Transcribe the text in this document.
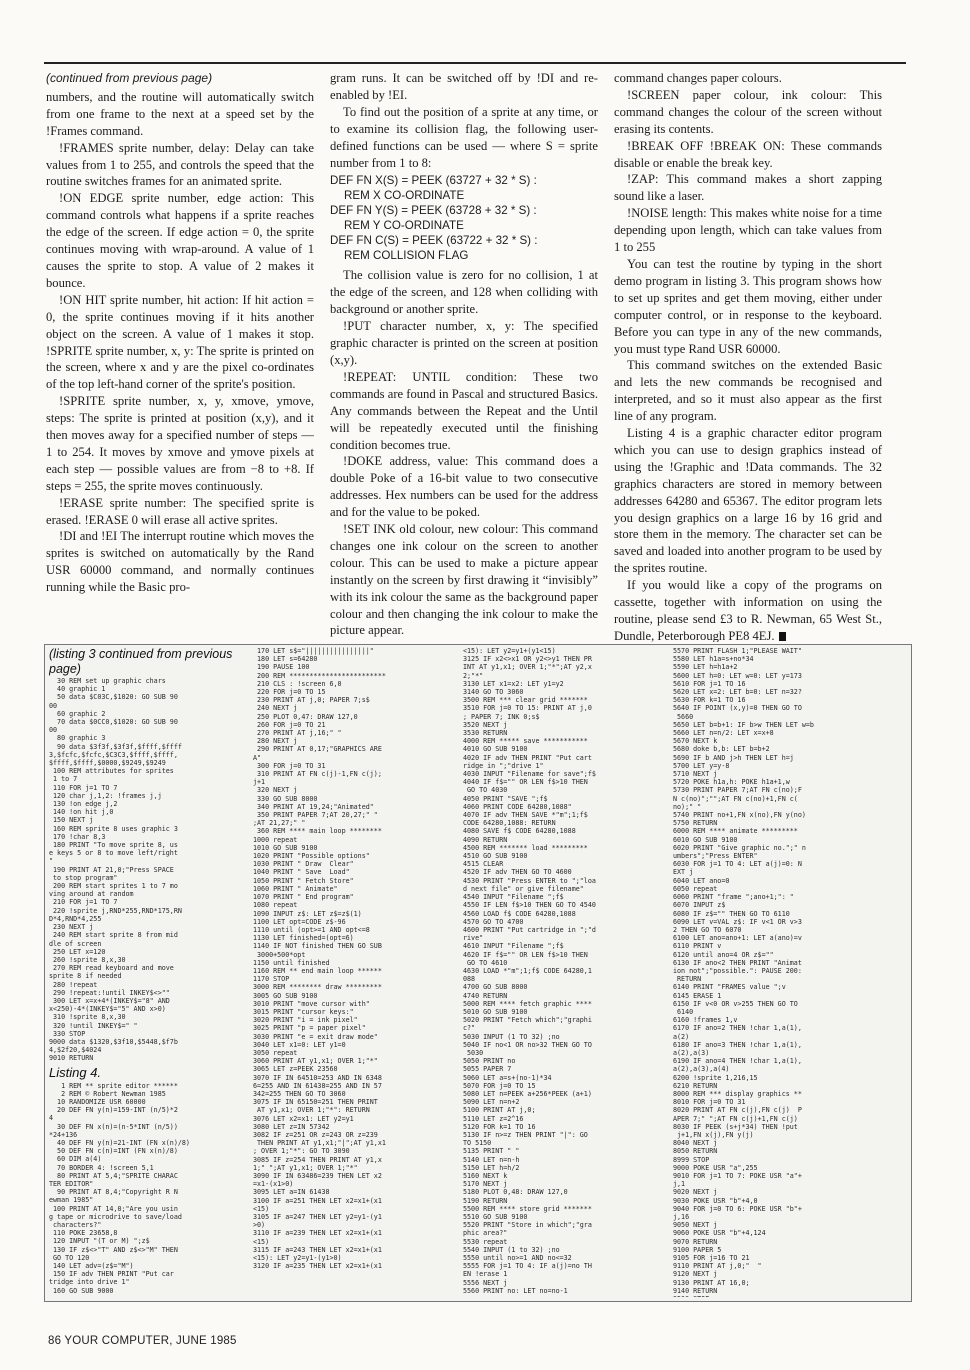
(continued from previous page)

numbers, and the routine will automatically switch from one frame to the next at a speed set by the !Frames command.

!FRAMES sprite number, delay: Delay can take values from 1 to 255, and controls the speed that the routine switches frames for an animated sprite.

!ON EDGE sprite number, edge action: This command controls what happens if a sprite reaches the edge of the screen. If edge action = 0, the sprite continues moving with wrap-around. A value of 1 causes the sprite to stop. A value of 2 makes it bounce.

!ON HIT sprite number, hit action: If hit action = 0, the sprite continues moving if it hits another object on the screen. A value of 1 makes it stop. !SPRITE sprite number, x, y: The sprite is printed on the screen, where x and y are the pixel co-ordinates of the top left-hand corner of the sprite's position.

!SPRITE sprite number, x, y, xmove, ymove, steps: The sprite is printed at position (x,y), and it then moves away for a specified number of steps — 1 to 254. It moves by xmove and ymove pixels at each step — possible values are from −8 to +8. If steps = 255, the sprite moves continuously.

!ERASE sprite number: The specified sprite is erased. !ERASE 0 will erase all active sprites.

!DI and !EI The interrupt routine which moves the sprites is switched on automatically by the Rand USR 60000 command, and normally continues running while the Basic pro-

gram runs. It can be switched off by !DI and re-enabled by !EI.

To find out the position of a sprite at any time, or to examine its collision flag, the following user-defined functions can be used — where S = sprite number from 1 to 8:

DEF FN X(S) = PEEK (63727 + 32 * S) :
REM X CO-ORDINATE
DEF FN Y(S) = PEEK (63728 + 32 * S) :
REM Y CO-ORDINATE
DEF FN C(S) = PEEK (63722 + 32 * S) :
REM COLLISION FLAG

The collision value is zero for no collision, 1 at the edge of the screen, and 128 when colliding with background or another sprite.

!PUT character number, x, y: The specified graphic character is printed on the screen at position (x,y).

!REPEAT: UNTIL condition: These two commands are found in Pascal and structured Basics. Any commands between the Repeat and the Until will be repeatedly executed until the finishing condition becomes true.

!DOKE address, value: This command does a double Poke of a 16-bit value to two consecutive addresses. Hex numbers can be used for the address and for the value to be poked.

!SET INK old colour, new colour: This command changes one ink colour on the screen to another colour. This can be used to make a picture appear instantly on the screen by first drawing it “invisibly” with its ink colour the same as the background paper colour and then changing the ink colour to make the picture appear.

command changes paper colours.

!SCREEN paper colour, ink colour: This command changes the colour of the screen without erasing its contents.

!BREAK OFF !BREAK ON: These commands disable or enable the break key.

!ZAP: This command makes a short zapping sound like a laser.

!NOISE length: This makes white noise for a time depending upon length, which can take values from 1 to 255

You can test the routine by typing in the short demo program in listing 3. This program shows how to set up sprites and get them moving, either under computer control, or in response to the keyboard. Before you can type in any of the new commands, you must type Rand USR 60000.

This command switches on the extended Basic and lets the new commands be recognised and interpreted, and so it must also appear as the first line of any program.

Listing 4 is a graphic character editor program which you can use to design graphics instead of using the !Graphic and !Data commands. The 32 graphics characters are stored in memory between addresses 64280 and 65367. The editor program lets you design graphics on a large 16 by 16 grid and store them in the memory. The character set can be saved and loaded into another program to be used by the sprites routine.

If you would like a copy of the programs on cassette, together with information on using the routine, please send £3 to R. Newman, 65 West St., Dundle, Peterborough PE8 4EJ.

(listing 3 continued from previous page)
30 REM set up graphic chars
40 graphic 1
50 data $C03C,$1020: GO SUB 90
00
60 graphic 2
70 data $0CC0,$1020: GO SUB 90
00
80 graphic 3
90 data $3f3f,$3f3f,$ffff,$ffff
3,$fcfc,$fcfc,$C3C3,$ffff,$ffff,
$ffff,$ffff,$0000,$9249,$9249
100 REM attributes for sprites
1 to 7
110 FOR j=1 TO 7
120 char j,1,2: !frames j,j
130 !on edge j,2
140 !on hit j,0
150 NEXT j
160 REM sprite 8 uses graphic 3
170 !char 8,3
180 PRINT "To move sprite 8, us
e keys 5 or 8 to move left/right
"
190 PRINT AT 21,0;"Press SPACE
to stop program"
200 REM start sprites 1 to 7 mo
ving around at random
210 FOR j=1 TO 7
220 !sprite j,RND*255,RND*175,RN
D*4,RND*4,255
230 NEXT j
240 REM start sprite 8 from mid
dle of screen
250 LET x=120
260 !sprite 8,x,30
270 REM read keyboard and move
sprite 8 if needed
280 !repeat
290 !repeat:!until INKEY$<>""
300 LET x=x+4*(INKEY$="8" AND
x<250)-4*(INKEY$="5" AND x>0)
310 !sprite 8,x,30
320 !until INKEY$=" "
330 STOP
9000 data $1320,$3f10,$5448,$f7b
4,$2f20,$4024
9010 RETURN
Listing 4.
1 REM ** sprite editor ******
2 REM © Robert Newman 1985
10 RANDOMIZE USR 60000
20 DEF FN y(n)=159-INT (n/5)*2
4
30 DEF FN x(n)=(n-5*INT (n/5))
*24+136
40 DEF FN y(n)=21-INT (FN x(n)/8)
50 DEF FN c(n)=INT (FN x(n)/8)
60 DIM a(4)
70 BORDER 4: !screen 5,1
80 PRINT AT 5,4;"SPRITE CHARAC
TER EDITOR"
90 PRINT AT 8,4;"Copyright R N
ewman 1985"
100 PRINT AT 14,0;"Are you usin
g tape or microdrive to save/load
characters?"
110 POKE 23658,8
120 INPUT "(T or M) ";z$
130 IF z$<>"T" AND z$<>"M" THEN
GO TO 120
140 LET adv=(z$="M")
150 IF adv THEN PRINT "Put car
tridge into drive 1"
160 GO SUB 9000
170 LET s$="||||||||||||||||"
180 LET s=64280
190 PAUSE 100
200 REM ************************
210 CLS : !screen 6,0
220 FOR j=0 TO 15
230 PRINT AT j,0; PAPER 7;s$
240 NEXT j
250 PLOT 0,47: DRAW 127,0
260 FOR j=0 TO 21
270 PRINT AT j,16;" "
280 NEXT j
290 PRINT AT 0,17;"GRAPHICS ARE
A"
300 FOR j=0 TO 31
310 PRINT AT FN c(j)-1,FN c(j);
j+1
320 NEXT j
330 GO SUB 8000
340 PRINT AT 19,24;"Animated"
350 PRINT PAPER 7;AT 20,27;" "
;AT 21,27;" "
360 REM **** main loop ********
1000 repeat
1010 GO SUB 9100
1020 PRINT "Possible options"
1030 PRINT " Draw  Clear"
1040 PRINT " Save  Load"
1050 PRINT " Fetch Store"
1060 PRINT " Animate"
1070 PRINT " End program"
1080 repeat
1090 INPUT z$: LET z$=z$(1)
1100 LET opt=CODE z$-96
1110 until (opt>=1 AND opt<=8
1130 LET finished=(opt=6)
1140 IF NOT finished THEN GO SUB
3000+500*opt
1150 until finished
1160 REM ** end main loop ******
1170 STOP
3000 REM ******** draw *********
3005 GO SUB 9100
3010 PRINT "move cursor with"
3015 PRINT "cursor keys:"
3020 PRINT "i = ink pixel"
3025 PRINT "p = paper pixel"
3030 PRINT "e = exit draw mode"
3040 LET x1=0: LET y1=0
3050 repeat
3060 PRINT AT y1,x1; OVER 1;"*"
3065 LET z=PEEK 23560
3070 IF IN 64510=253 AND IN 6348
6=255 AND IN 61438=255 AND IN 57
342=255 THEN GO TO 3060
3075 IF IN 65150=251 THEN PRINT
AT y1,x1; OVER 1;"*": RETURN
3076 LET x2=x1: LET y2=y1
3080 LET z=IN 57342
3082 IF z=251 OR z=243 OR z=239
THEN PRINT AT y1,x1;"|";AT y1,x1
; OVER 1;"*": GO TO 3090
3085 IF z=254 THEN PRINT AT y1,x
1;" ";AT y1,x1; OVER 1;"*"
3090 IF IN 63486=239 THEN LET x2
=x1-(x1>0)
3095 LET a=IN 61438
3100 IF a=251 THEN LET x2=x1+(x1
<15)
3105 IF a=247 THEN LET y2=y1-(y1
>0)
3110 IF a=239 THEN LET x2=x1+(x1
<15)
3115 IF a=243 THEN LET x2=x1+(x1
<15): LET y2=y1-(y1>0)
3120 IF a=235 THEN LET x2=x1+(x1
<15): LET y2=y1+(y1<15)
3125 IF x2<>x1 OR y2<>y1 THEN PR
INT AT y1,x1; OVER 1;"*";AT y2,x
2;"*"
3130 LET x1=x2: LET y1=y2
3140 GO TO 3060
3500 REM *** clear grid *******
3510 FOR j=0 TO 15: PRINT AT j,0
; PAPER 7; INK 0;s$
3520 NEXT j
3530 RETURN
4000 REM ***** save ***********
4010 GO SUB 9100
4020 IF adv THEN PRINT "Put cart
ridge in ";"drive 1"
4030 INPUT "Filename for save";f$
4040 IF f$="" OR LEN f$>10 THEN
GO TO 4030
4050 PRINT "SAVE ";f$
4060 PRINT CODE 64280,1088"
4070 IF adv THEN SAVE *"m";1;f$
CODE 64280,1088: RETURN
4080 SAVE f$ CODE 64280,1088
4090 RETURN
4500 REM ******* load *********
4510 GO SUB 9100
4515 CLEAR
4520 IF adv THEN GO TO 4600
4530 PRINT "Press ENTER to ";"loa
d next file" or give filename"
4540 INPUT "Filename ";f$
4550 IF LEN f$>10 THEN GO TO 4540
4560 LOAD f$ CODE 64280,1088
4570 GO TO 4700
4600 PRINT "Put cartridge in ";"d
rive"
4610 INPUT "Filename ";f$
4620 IF f$="" OR LEN f$>10 THEN
GO TO 4610
4630 LOAD *"m";1;f$ CODE 64280,1
088
4700 GO SUB 8000
4740 RETURN
5000 REM **** fetch graphic ****
5010 GO SUB 9100
5020 PRINT "Fetch which";"graphi
c?"
5030 INPUT (1 TO 32) ;no
5040 IF no<1 OR no>32 THEN GO TO
5030
5050 PRINT no
5055 PAPER 7
5060 LET a=s+(no-1)*34
5070 FOR j=0 TO 15
5080 LET n=PEEK a+256*PEEK (a+1)
5090 LET n=n+2
5100 PRINT AT j,0;
5110 LET z=2^16
5120 FOR k=1 TO 16
5130 IF n>=z THEN PRINT "|": GO
TO 5150
5135 PRINT " "
5140 LET n=n-h
5150 LET h=h/2
5160 NEXT k
5170 NEXT j
5180 PLOT 0,48: DRAW 127,0
5190 RETURN
5500 REM **** store grid *******
5510 GO SUB 9100
5520 PRINT "Store in which";"gra
phic area?"
5530 repeat
5540 INPUT (1 to 32) ;no
5550 until no>=1 AND no<=32
5555 FOR j=1 TO 4: IF a(j)=no TH
EN !erase 1
5556 NEXT j
5560 PRINT no: LET no=no-1
5570 PRINT FLASH 1;"PLEASE WAIT"
5580 LET h1a=s+no*34
5590 LET h=h1a+2
5600 LET h=0: LET w=0: LET y=173
5610 FOR j=1 TO 16
5620 LET x=2: LET b=0: LET n=32?
5630 FOR k=1 TO 16
5640 IF POINT (x,y)=0 THEN GO TO
5660
5650 LET b=b+1: IF b>w THEN LET w=b
5660 LET n=n/2: LET x=x+8
5670 NEXT k
5680 doke b,b: LET b=b+2
5690 IF b AND j>h THEN LET h=j
5700 LET y=y-8
5710 NEXT j
5720 POKE h1a,h: POKE h1a+1,w
5730 PRINT PAPER 7;AT FN c(no);F
N c(no)";"";AT FN c(no)+1,FN c(
no);" "
5740 PRINT no+1,FN x(no),FN y(no)
5750 RETURN
6000 REM **** animate *********
6010 GO SUB 9100
6020 PRINT "Give graphic no.";" n
umbers";"Press ENTER"
6030 FOR j=1 TO 4: LET a(j)=0: N
EXT j
6040 LET ano=0
6050 repeat
6060 PRINT "frame ";ano+1;": "
6070 INPUT z$
6080 IF z$="" THEN GO TO 6110
6090 LET v=VAL z$: IF v<1 OR v>3
2 THEN GO TO 6070
6100 LET ano=ano+1: LET a(ano)=v
6110 PRINT v
6120 until ano=4 OR z$=""
6130 IF ano<2 THEN PRINT "Animat
ion not";"possible.": PAUSE 200:
RETURN
6140 PRINT "FRAMES value ";v
6145 ERASE 1
6150 IF v<0 OR v>255 THEN GO TO
6140
6160 !frames 1,v
6170 IF ano=2 THEN !char 1,a(1),
a(2)
6180 IF ano=3 THEN !char 1,a(1),
a(2),a(3)
6190 IF ano=4 THEN !char 1,a(1),
a(2),a(3),a(4)
6200 !sprite 1,216,15
6210 RETURN
8000 REM *** display graphics **
8010 FOR j=0 TO 31
8020 PRINT AT FN c(j),FN c(j)  P
APER 7;" ";AT FN c(j)+1,FN c(j)
8030 IF PEEK (s+j*34) THEN !put
j+1,FN x(j),FN y(j)
8040 NEXT j
8050 RETURN
8999 STOP
9000 POKE USR "a",255
9010 FOR j=1 TO 7: POKE USR "a"+
j,1
9020 NEXT j
9030 POKE USR "b"+4,0
9040 FOR j=0 TO 6: POKE USR "b"+
j,16
9050 NEXT j
9060 POKE USR "b"+4,124
9070 RETURN
9100 PAPER 5
9105 FOR j=16 TO 21
9110 PRINT AT j,0;"  "
9120 NEXT j
9130 PRINT AT 16,0;
9140 RETURN
86 YOUR COMPUTER, JUNE 1985
